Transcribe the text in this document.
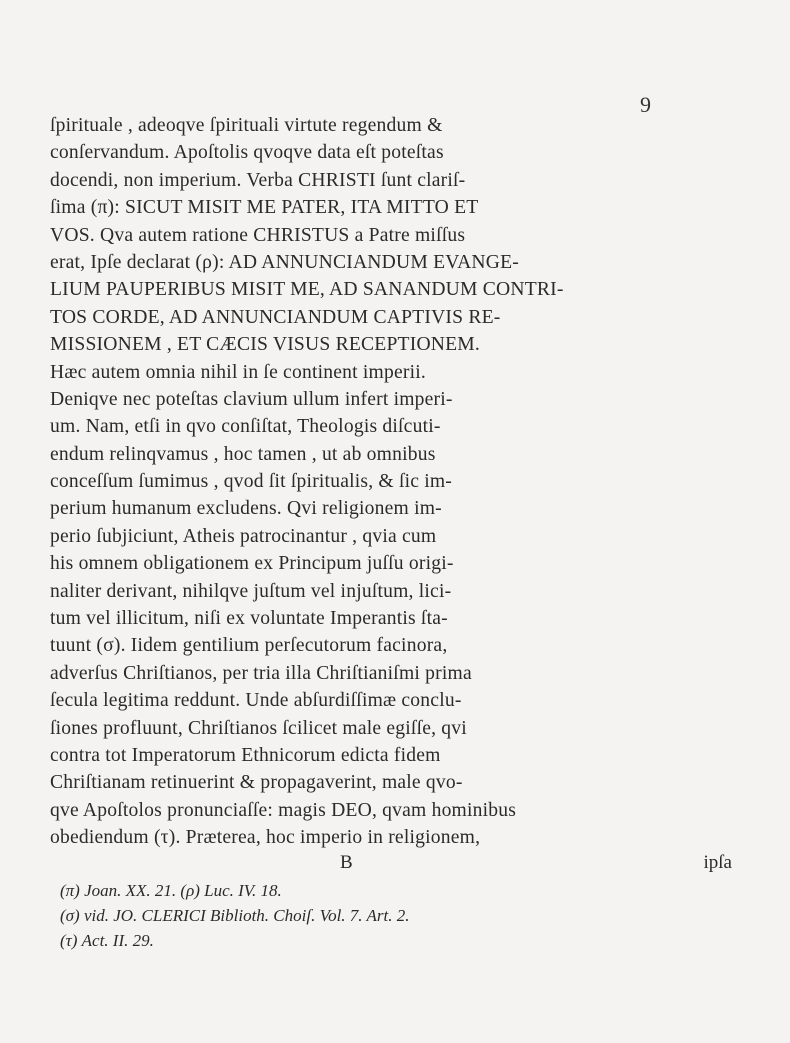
9
ſpirituale , adeoqve ſpirituali virtute regendum &
conſervandum. Apoſtolis qvoqve data eſt poteſtas
docendi, non imperium. Verba CHRISTI ſunt clariſ-
ſima (π): SICUT MISIT ME PATER, ITA MITTO ET
VOS. Qva autem ratione CHRISTUS a Patre miſſus
erat, Ipſe declarat (ρ): AD ANNUNCIANDUM EVANGE-
LIUM PAUPERIBUS MISIT ME, AD SANANDUM CONTRI-
TOS CORDE, AD ANNUNCIANDUM CAPTIVIS RE-
MISSIONEM , ET CÆCIS VISUS RECEPTIONEM.
Hæc autem omnia nihil in ſe continent imperii.
Deniqve nec poteſtas clavium ullum infert imperi-
um. Nam, etſi in qvo conſiſtat, Theologis diſcuti-
endum relinqvamus , hoc tamen , ut ab omnibus
conceſſum ſumimus , qvod ſit ſpiritualis, & ſic im-
perium humanum excludens. Qvi religionem im-
perio ſubjiciunt, Atheis patrocinantur , qvia cum
his omnem obligationem ex Principum juſſu origi-
naliter derivant, nihilqve juſtum vel injuſtum, lici-
tum vel illicitum, niſi ex voluntate Imperantis ſta-
tuunt (σ). Iidem gentilium perſecutorum facinora,
adverſus Chriſtianos, per tria illa Chriſtianiſmi prima
ſecula legitima reddunt. Unde abſurdiſſimæ conclu-
ſiones profluunt, Chriſtianos ſcilicet male egiſſe, qvi
contra tot Imperatorum Ethnicorum edicta fidem
Chriſtianam retinuerint & propagaverint, male qvo-
qve Apoſtolos pronunciaſſe: magis DEO, qvam hominibus
obediendum (τ). Præterea, hoc imperio in religionem,
B	ipſa
(π) Joan. XX. 21. (ρ) Luc. IV. 18.
(σ) vid. JO. CLERICI Biblioth. Choiſ. Vol. 7. Art. 2.
(τ) Act. II. 29.
